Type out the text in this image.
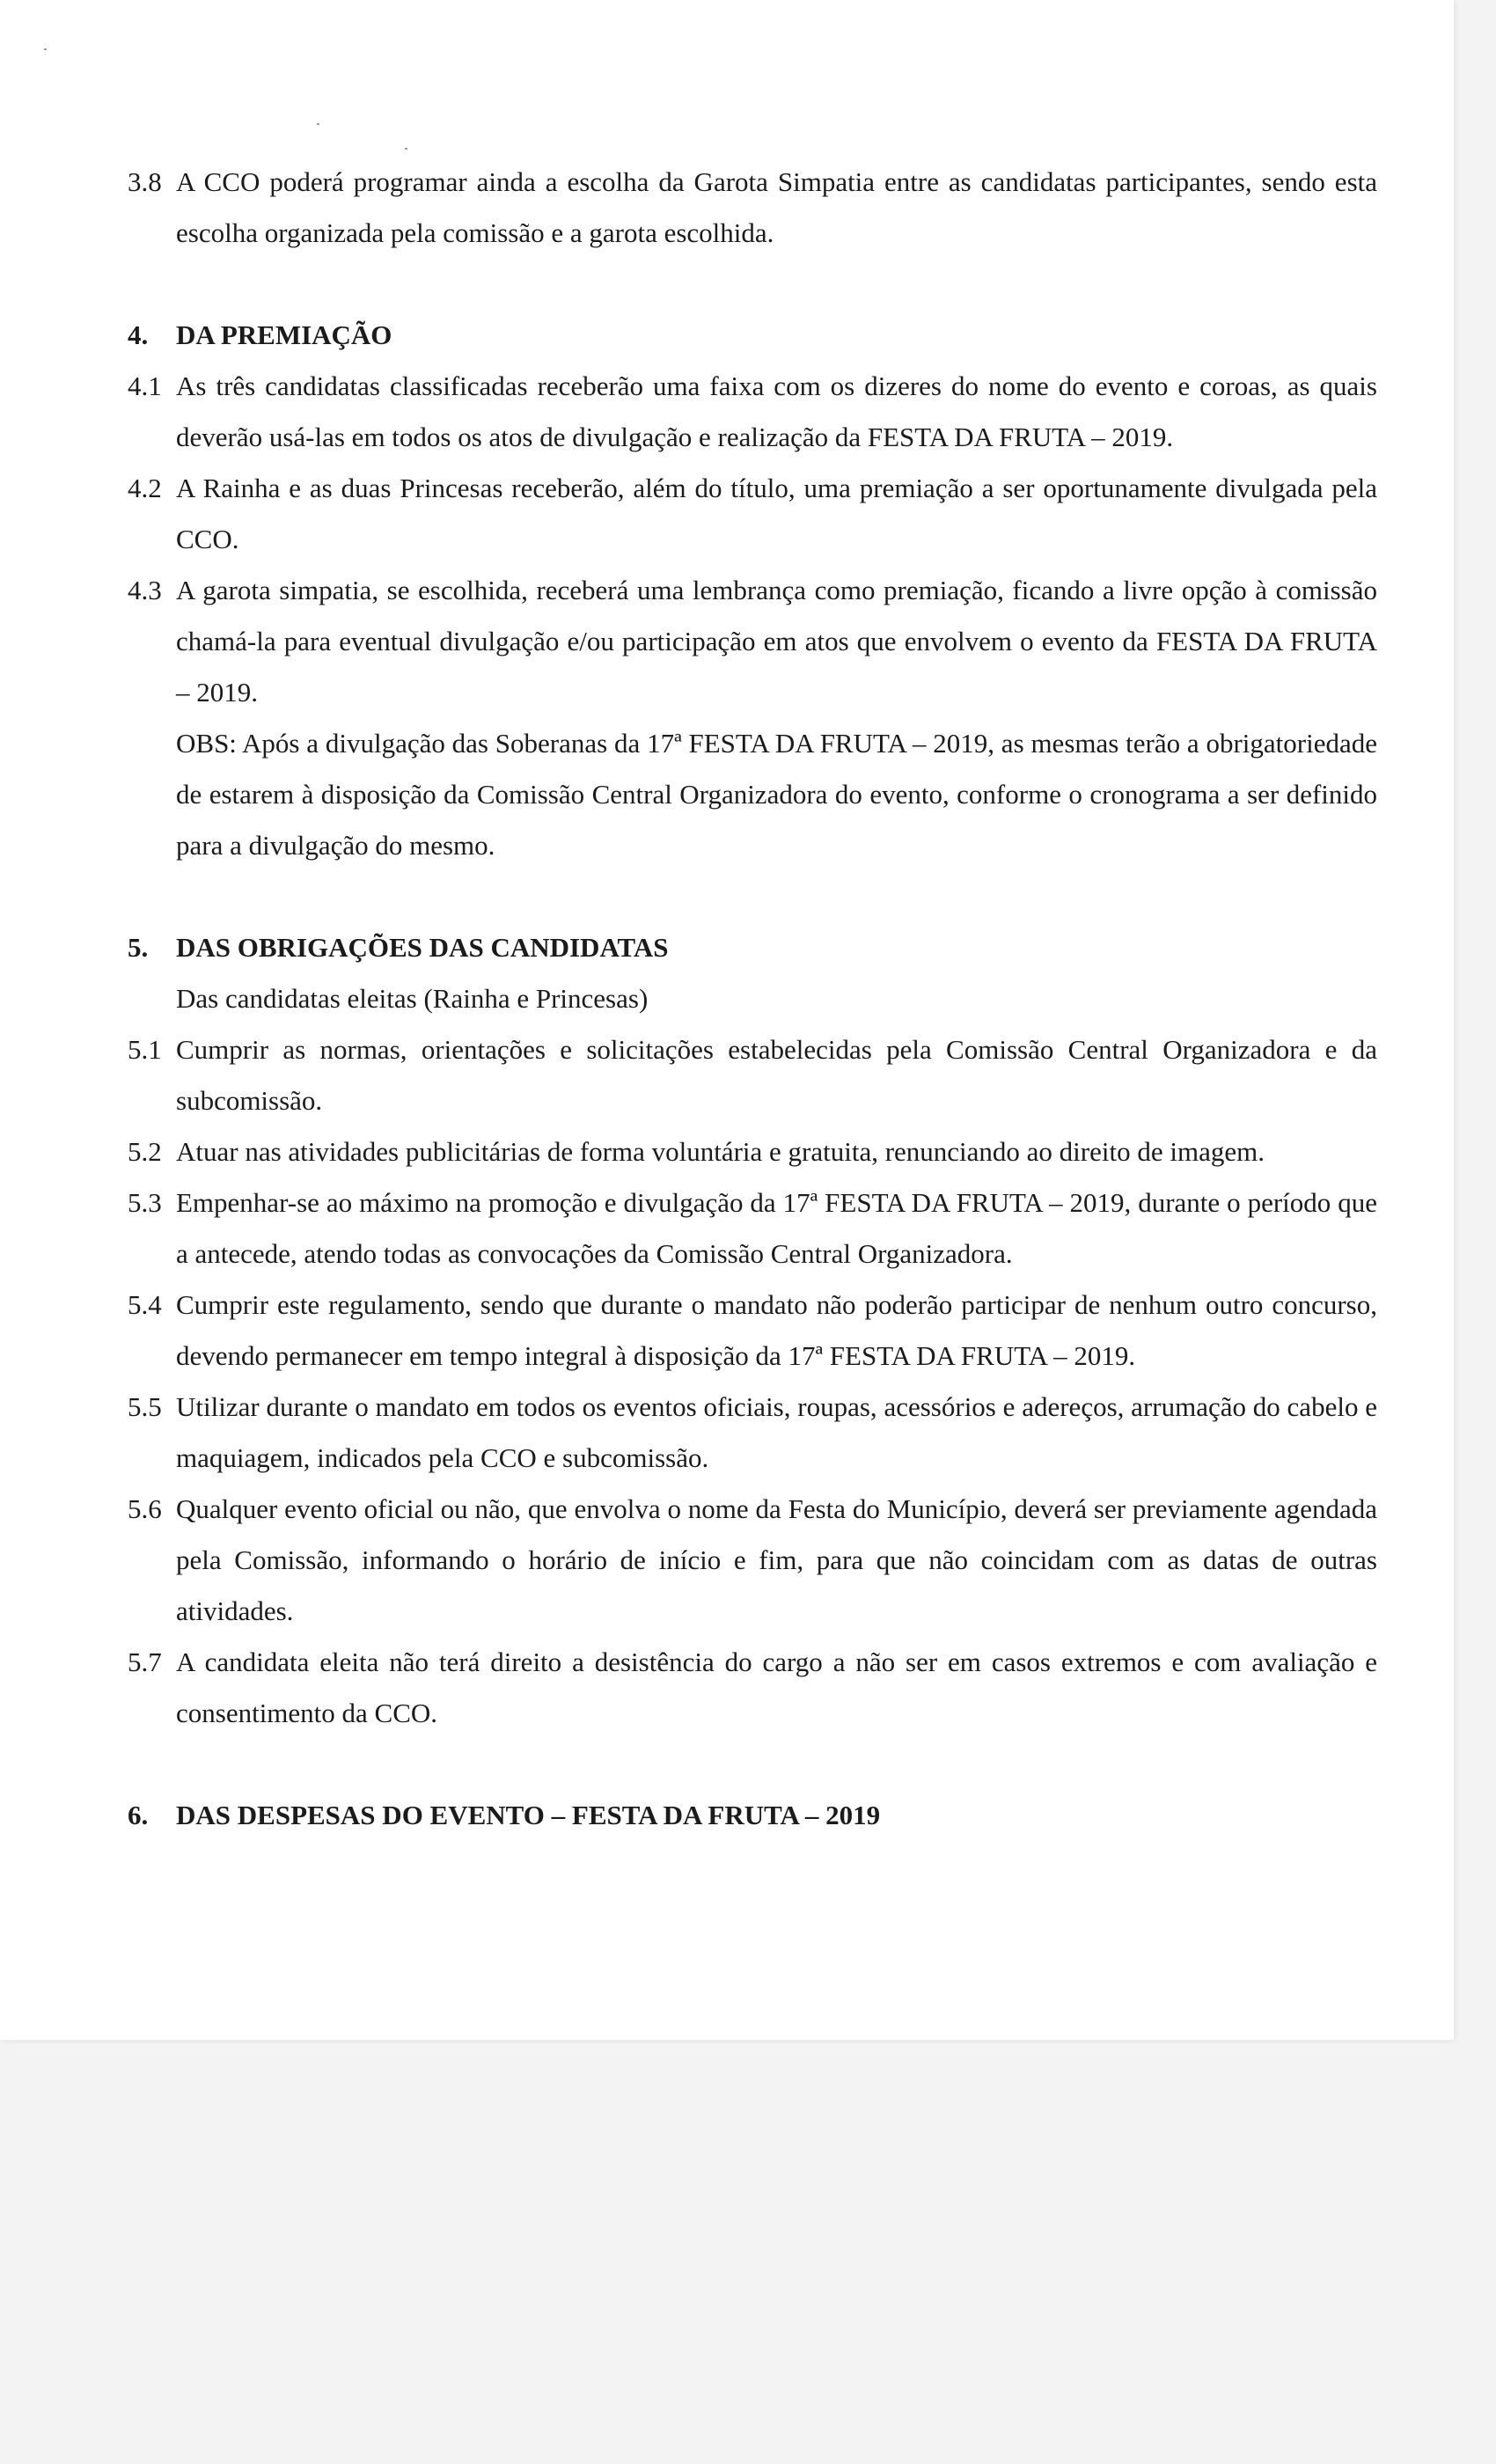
3.8 A CCO poderá programar ainda a escolha da Garota Simpatia entre as candidatas participantes, sendo esta escolha organizada pela comissão e a garota escolhida.
4. DA PREMIAÇÃO
4.1 As três candidatas classificadas receberão uma faixa com os dizeres do nome do evento e coroas, as quais deverão usá-las em todos os atos de divulgação e realização da FESTA DA FRUTA – 2019.
4.2 A Rainha e as duas Princesas receberão, além do título, uma premiação a ser oportunamente divulgada pela CCO.
4.3 A garota simpatia, se escolhida, receberá uma lembrança como premiação, ficando a livre opção à comissão chamá-la para eventual divulgação e/ou participação em atos que envolvem o evento da FESTA DA FRUTA – 2019.
OBS: Após a divulgação das Soberanas da 17ª FESTA DA FRUTA – 2019, as mesmas terão a obrigatoriedade de estarem à disposição da Comissão Central Organizadora do evento, conforme o cronograma a ser definido para a divulgação do mesmo.
5. DAS OBRIGAÇÕES DAS CANDIDATAS
Das candidatas eleitas (Rainha e Princesas)
5.1 Cumprir as normas, orientações e solicitações estabelecidas pela Comissão Central Organizadora e da subcomissão.
5.2 Atuar nas atividades publicitárias de forma voluntária e gratuita, renunciando ao direito de imagem.
5.3 Empenhar-se ao máximo na promoção e divulgação da 17ª FESTA DA FRUTA – 2019, durante o período que a antecede, atendo todas as convocações da Comissão Central Organizadora.
5.4 Cumprir este regulamento, sendo que durante o mandato não poderão participar de nenhum outro concurso, devendo permanecer em tempo integral à disposição da 17ª FESTA DA FRUTA – 2019.
5.5 Utilizar durante o mandato em todos os eventos oficiais, roupas, acessórios e adereços, arrumação do cabelo e maquiagem, indicados pela CCO e subcomissão.
5.6 Qualquer evento oficial ou não, que envolva o nome da Festa do Município, deverá ser previamente agendada pela Comissão, informando o horário de início e fim, para que não coincidam com as datas de outras atividades.
5.7 A candidata eleita não terá direito a desistência do cargo a não ser em casos extremos e com avaliação e consentimento da CCO.
6. DAS DESPESAS DO EVENTO – FESTA DA FRUTA – 2019
